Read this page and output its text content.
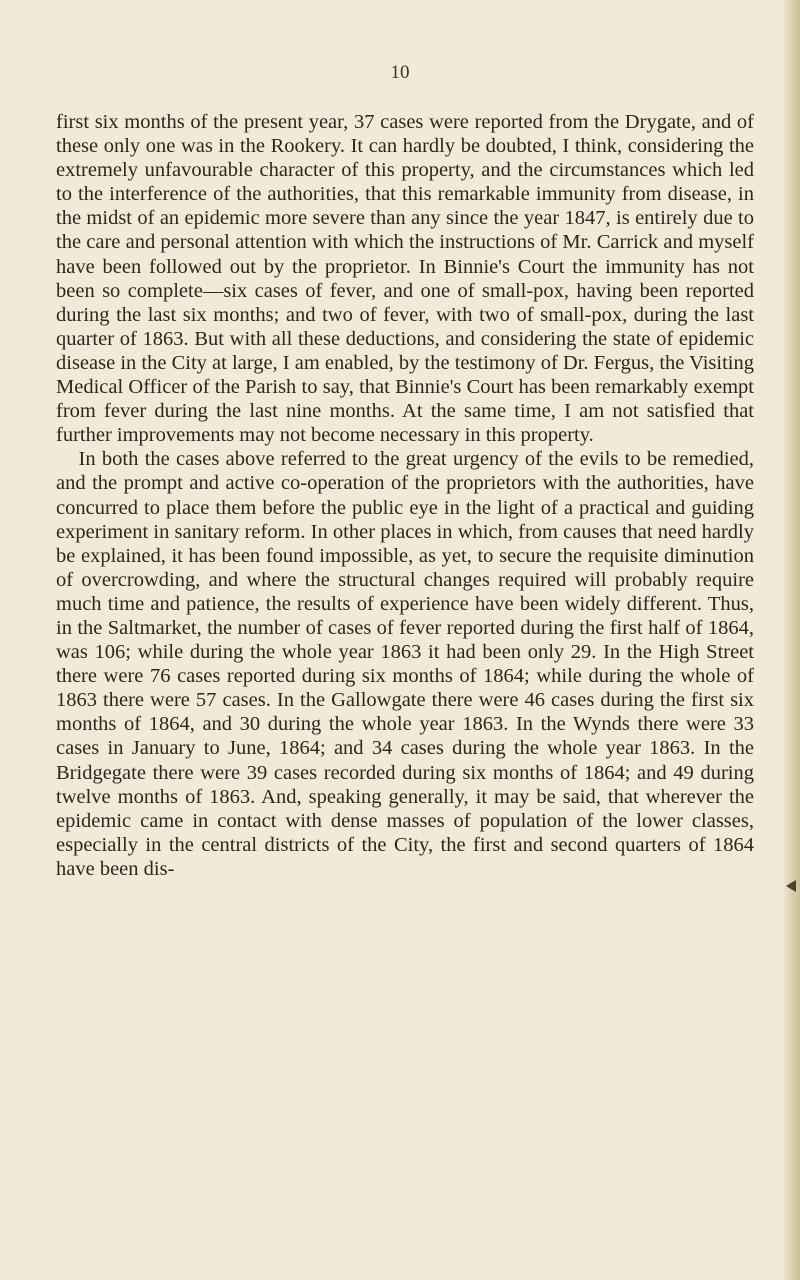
10

first six months of the present year, 37 cases were reported from the Drygate, and of these only one was in the Rookery. It can hardly be doubted, I think, considering the extremely unfavourable character of this property, and the circumstances which led to the interference of the authorities, that this remarkable immunity from disease, in the midst of an epidemic more severe than any since the year 1847, is entirely due to the care and personal attention with which the instructions of Mr. Carrick and myself have been followed out by the proprietor. In Binnie's Court the immunity has not been so complete—six cases of fever, and one of small-pox, having been reported during the last six months; and two of fever, with two of small-pox, during the last quarter of 1863. But with all these deductions, and considering the state of epidemic disease in the City at large, I am enabled, by the testimony of Dr. Fergus, the Visiting Medical Officer of the Parish to say, that Binnie's Court has been remarkably exempt from fever during the last nine months. At the same time, I am not satisfied that further improvements may not become necessary in this property.

In both the cases above referred to the great urgency of the evils to be remedied, and the prompt and active co-operation of the proprietors with the authorities, have concurred to place them before the public eye in the light of a practical and guiding experiment in sanitary reform. In other places in which, from causes that need hardly be explained, it has been found impossible, as yet, to secure the requisite diminution of overcrowding, and where the structural changes required will probably require much time and patience, the results of experience have been widely different. Thus, in the Saltmarket, the number of cases of fever reported during the first half of 1864, was 106; while during the whole year 1863 it had been only 29. In the High Street there were 76 cases reported during six months of 1864; while during the whole of 1863 there were 57 cases. In the Gallowgate there were 46 cases during the first six months of 1864, and 30 during the whole year 1863. In the Wynds there were 33 cases in January to June, 1864; and 34 cases during the whole year 1863. In the Bridgegate there were 39 cases recorded during six months of 1864; and 49 during twelve months of 1863. And, speaking generally, it may be said, that wherever the epidemic came in contact with dense masses of population of the lower classes, especially in the central districts of the City, the first and second quarters of 1864 have been dis-
